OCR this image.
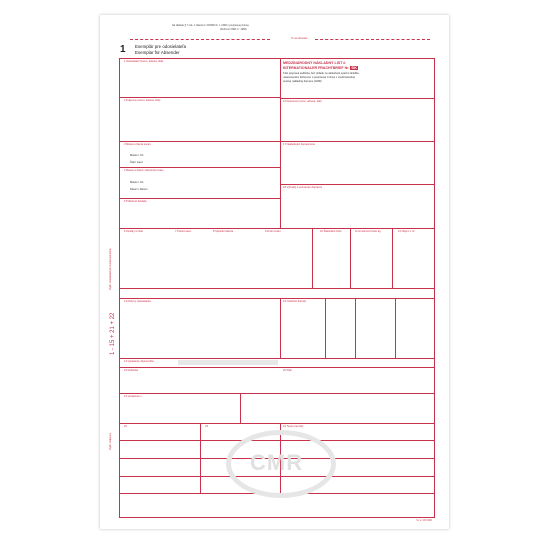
Na základe § 7 ods. 1 zákona č. 00/0000 Z. z. CMR o prepravnej zmluve
(Dohovor CMR z r. 1956)
Tu sa odrezáva
1 Exemplár pre odosielateľa
Exemplar für Absender
Vyplní odosielateľ pod zodpovednosťou
Vyplní dopravca
1 - 15 + 21 + 22
MEDZINÁRODNÝ NÁKLADNÝ LIST č.
INTERNATIONALER FRACHTBRIEF Nr. SK
Táto preprava podlieha, bez ohľadu na akúkoľvek opačnú doložku,
ustanoveniam Dohovoru o prepravnej zmluve v medzinárodnej
cestnej nákladnej doprave (CMR).
1 Odosielateľ (meno, adresa, štát)
2 Príjemca (meno, adresa, štát)	16 Dopravca (meno, adresa, štát)
3 Miesto určenia tovaru	17 Nasledujúci dopravcovia
Miesto / Ort
Štát / Land
4 Miesto a dátum naloženia tovaru
Miesto / Ort
Dátum / Datum
18 Výhrady a poznámky dopravcu
5 Priložené doklady
6 Značky a čísla	7 Počet kusov	8 Spôsob balenia	9 Druh tovaru	10 Štatistické číslo	11 Hmotnosť brutto kg	12 Objem v m³
13 Pokyny odosielateľa	19 Osobitné dohody
14 Vyplatenie dopravného
15 Dobierka	20 Platí
21 Vystavené v
22	23	24 Tovar prevzatý
CMR
S.r.o. CR 0000
